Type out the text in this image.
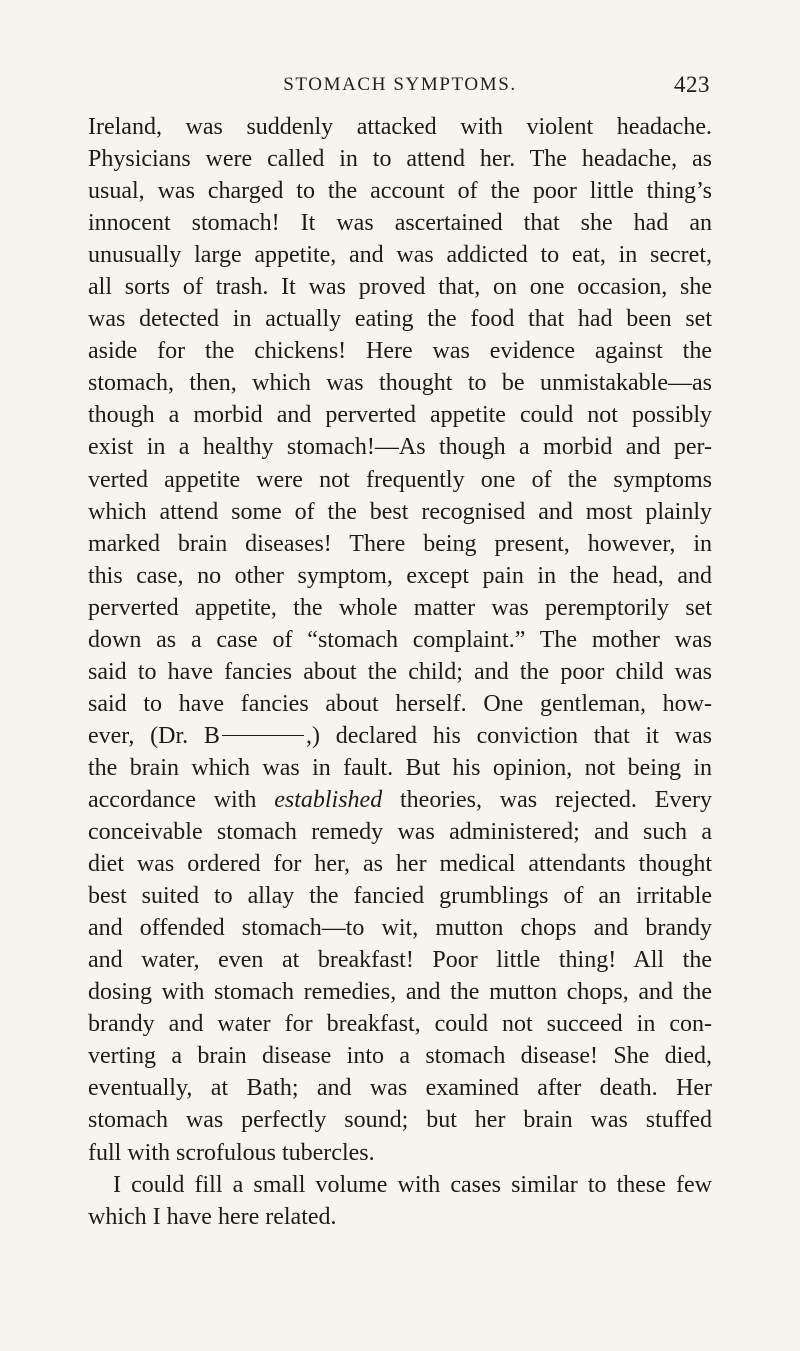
STOMACH SYMPTOMS.	423
Ireland, was suddenly attacked with violent headache.
Physicians were called in to attend her. The headache, as
usual, was charged to the account of the poor little thing’s
innocent stomach! It was ascertained that she had an
unusually large appetite, and was addicted to eat, in secret,
all sorts of trash. It was proved that, on one occasion, she
was detected in actually eating the food that had been set
aside for the chickens! Here was evidence against the
stomach, then, which was thought to be unmistakable—as
though a morbid and perverted appetite could not possibly
exist in a healthy stomach!—As though a morbid and per-
verted appetite were not frequently one of the symptoms
which attend some of the best recognised and most plainly
marked brain diseases! There being present, however, in
this case, no other symptom, except pain in the head, and
perverted appetite, the whole matter was peremptorily set
down as a case of “stomach complaint.” The mother was
said to have fancies about the child; and the poor child was
said to have fancies about herself. One gentleman, how-
ever, (Dr. B	,) declared his conviction that it was
the brain which was in fault. But his opinion, not being in
accordance with established theories, was rejected. Every
conceivable stomach remedy was administered; and such a
diet was ordered for her, as her medical attendants thought
best suited to allay the fancied grumblings of an irritable
and offended stomach—to wit, mutton chops and brandy
and water, even at breakfast! Poor little thing! All the
dosing with stomach remedies, and the mutton chops, and the
brandy and water for breakfast, could not succeed in con-
verting a brain disease into a stomach disease! She died,
eventually, at Bath; and was examined after death. Her
stomach was perfectly sound; but her brain was stuffed
full with scrofulous tubercles.
I could fill a small volume with cases similar to these few
which I have here related.
